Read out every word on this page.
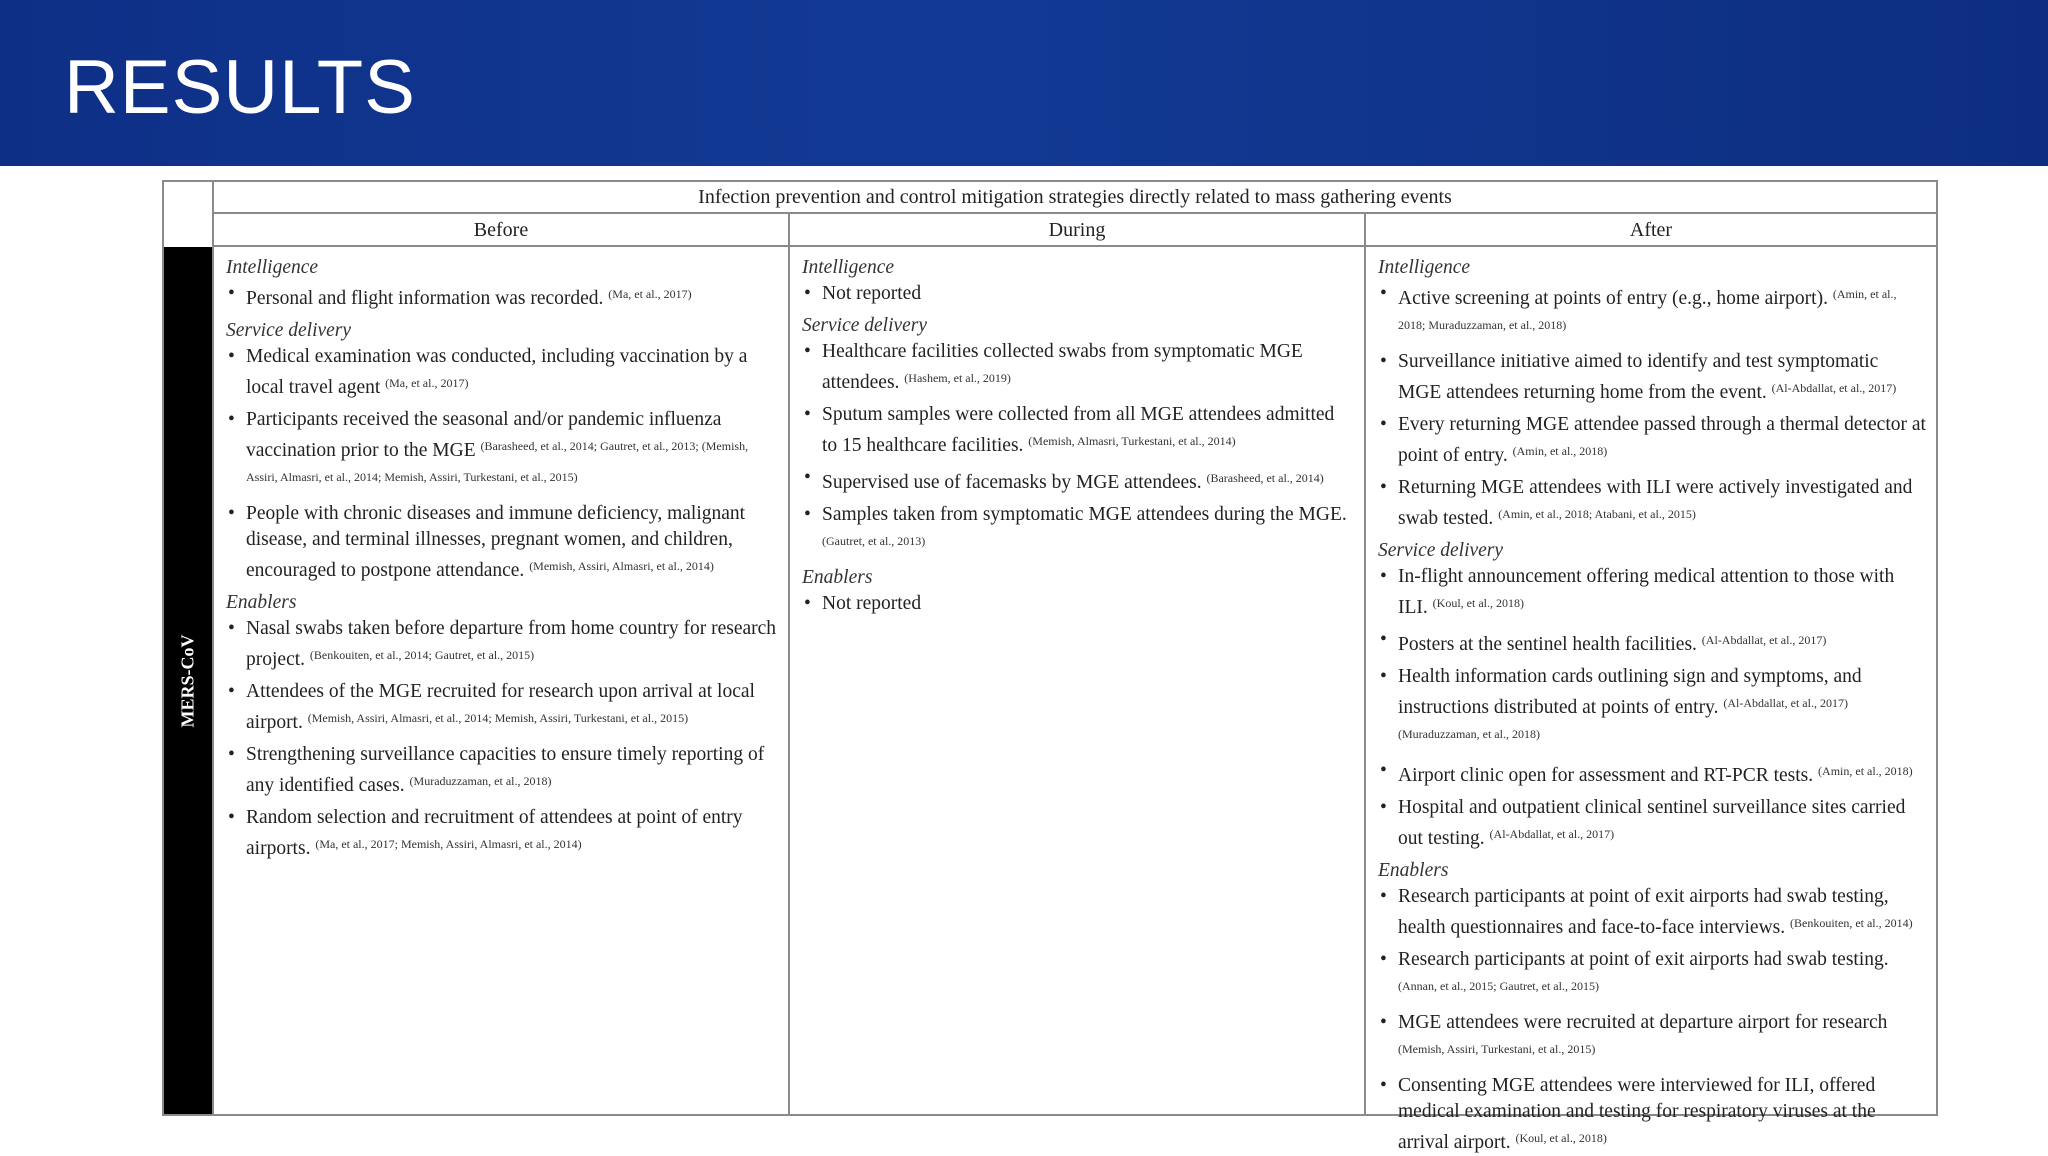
RESULTS
Infection prevention and control mitigation strategies directly related to mass gathering events
Before	During	After
MERS-CoV
Intelligence
• Personal and flight information was recorded. $^{(Ma, et al., 2017)}$
Service delivery
• Medical examination was conducted, including vaccination by a local travel agent $^{(Ma, et al., 2017)}$
• Participants received the seasonal and/or pandemic influenza vaccination prior to the MGE $^{(Barasheed, et al., 2014; Gautret, et al., 2013; (Memish, Assiri, Almasri, et al., 2014; Memish, Assiri, Turkestani, et al., 2015)}$
• People with chronic diseases and immune deficiency, malignant disease, and terminal illnesses, pregnant women, and children, encouraged to postpone attendance. $^{(Memish, Assiri, Almasri, et al., 2014)}$
Enablers
• Nasal swabs taken before departure from home country for research project. $^{(Benkouiten, et al., 2014; Gautret, et al., 2015)}$
• Attendees of the MGE recruited for research upon arrival at local airport. $^{(Memish, Assiri, Almasri, et al., 2014; Memish, Assiri, Turkestani, et al., 2015)}$
• Strengthening surveillance capacities to ensure timely reporting of any identified cases. $^{(Muraduzzaman, et al., 2018)}$
• Random selection and recruitment of attendees at point of entry airports. $^{(Ma, et al., 2017; Memish, Assiri, Almasri, et al., 2014)}$
Intelligence
• Not reported
Service delivery
• Healthcare facilities collected swabs from symptomatic MGE attendees. $^{(Hashem, et al., 2019)}$
• Sputum samples were collected from all MGE attendees admitted to 15 healthcare facilities. $^{(Memish, Almasri, Turkestani, et al., 2014)}$
• Supervised use of facemasks by MGE attendees. $^{(Barasheed, et al., 2014)}$
• Samples taken from symptomatic MGE attendees during the MGE. $^{(Gautret, et al., 2013)}$
Enablers
• Not reported
Intelligence
• Active screening at points of entry (e.g., home airport). $^{(Amin, et al., 2018; Muraduzzaman, et al., 2018)}$
• Surveillance initiative aimed to identify and test symptomatic MGE attendees returning home from the event. $^{(Al-Abdallat, et al., 2017)}$
• Every returning MGE attendee passed through a thermal detector at point of entry. $^{(Amin, et al., 2018)}$
• Returning MGE attendees with ILI were actively investigated and swab tested. $^{(Amin, et al., 2018; Atabani, et al., 2015)}$
Service delivery
• In-flight announcement offering medical attention to those with ILI. $^{(Koul, et al., 2018)}$
• Posters at the sentinel health facilities. $^{(Al-Abdallat, et al., 2017)}$
• Health information cards outlining sign and symptoms, and instructions distributed at points of entry. $^{(Al-Abdallat, et al., 2017) (Muraduzzaman, et al., 2018)}$
• Airport clinic open for assessment and RT-PCR tests. $^{(Amin, et al., 2018)}$
• Hospital and outpatient clinical sentinel surveillance sites carried out testing. $^{(Al-Abdallat, et al., 2017)}$
Enablers
• Research participants at point of exit airports had swab testing, health questionnaires and face-to-face interviews. $^{(Benkouiten, et al., 2014)}$
• Research participants at point of exit airports had swab testing. $^{(Annan, et al., 2015; Gautret, et al., 2015)}$
• MGE attendees were recruited at departure airport for research $^{(Memish, Assiri, Turkestani, et al., 2015)}$
• Consenting MGE attendees were interviewed for ILI, offered medical examination and testing for respiratory viruses at the arrival airport. $^{(Koul, et al., 2018)}$
